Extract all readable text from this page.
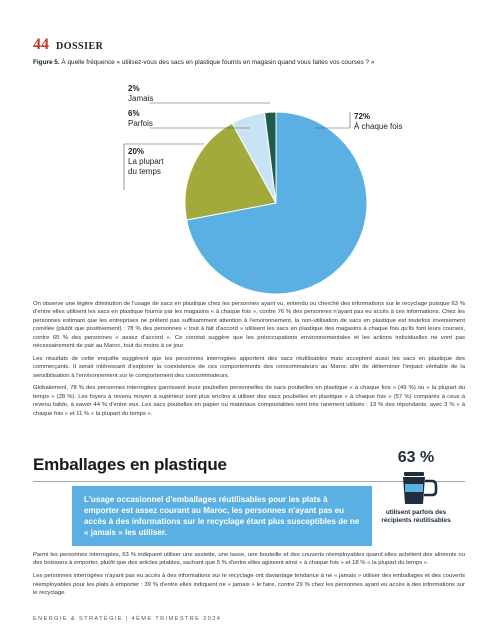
44 DOSSIER
Figure 5. À quelle fréquence « utilisez-vous des sacs en plastique fournis en magasin quand vous faites vos courses ? »
2%
Jamais
6%
Parfois
20%
La plupart
du temps
72%
À chaque fois

On observe une légère diminution de l'usage de sacs en plastique chez les personnes ayant vu, entendu ou cherché des informations sur le recyclage puisque 63 % d'entre elles utilisent les sacs en plastique fournis par les magasins « à chaque fois », contre 76 % des personnes n'ayant pas eu accès à ces informations. Chez les personnes estimant que les entreprises ne prêtent pas suffisamment attention à l'environnement, la non-utilisation de sacs en plastique est toutefois inversement corrélée (plutôt que positivement) : 78 % des personnes « tout à fait d'accord » utilisent les sacs en plastique des magasins à chaque fois qu'ils font leurs courses, contre 65 % des personnes « assez d'accord ». Ce constat suggère que les préoccupations environnementales et les actions individuelles ne vont pas nécessairement de pair au Maroc, tout du moins à ce jour.

Les résultats de cette enquête suggèrent que les personnes interrogées apportent des sacs réutilisables mais acceptent aussi les sacs en plastique des commerçants. Il serait intéressant d'explorer la coexistence de ces comportements des consommateurs au Maroc afin de déterminer l'impact véritable de la sensibilisation à l'environnement sur le comportement des consommateurs.

Globalement, 78 % des personnes interrogées garnissent leurs poubelles personnelles de sacs poubelles en plastique « à chaque fois » (49 %) ou « la plupart du temps » (28 %). Les foyers à revenu moyen à supérieur sont plus enclins à utiliser des sacs poubelles en plastique « à chaque fois » (57 %) comparés à ceux à revenu faible, à savoir 44 % d'entre eux. Les sacs poubelles en papier ou matériaux compostables sont très rarement utilisés : 13 % des répondants, avec 3 % « à chaque fois » et 11 % « la plupart du temps ».

Emballages en plastique
L'usage occasionnel d'emballages réutilisables pour les plats à emporter est assez courant au Maroc, les personnes n'ayant pas eu accès à des informations sur le recyclage étant plus susceptibles de ne « jamais » les utiliser.
63 %
utilisent parfois des récipients réutilisables

Parmi les personnes interrogées, 63 % indiquent utiliser une assiette, une tasse, une bouteille et des couverts réemployables quand elles achètent des aliments ou des boissons à emporter, plutôt que des articles jetables, sachant que 5 % d'entre elles agissent ainsi « à chaque fois » et 18 % « la plupart du temps ».

Les personnes interrogées n'ayant pas eu accès à des informations sur le recyclage ont davantage tendance à ne « jamais » utiliser des emballages et des couverts réemployables pour les plats à emporter : 39 % d'entre elles indiquent ne « jamais » le faire, contre 29 % chez les personnes ayant eu accès à des informations sur le recyclage.

ENERGIE & STRATÉGIE | 4ÈME TRIMESTRE 2024
